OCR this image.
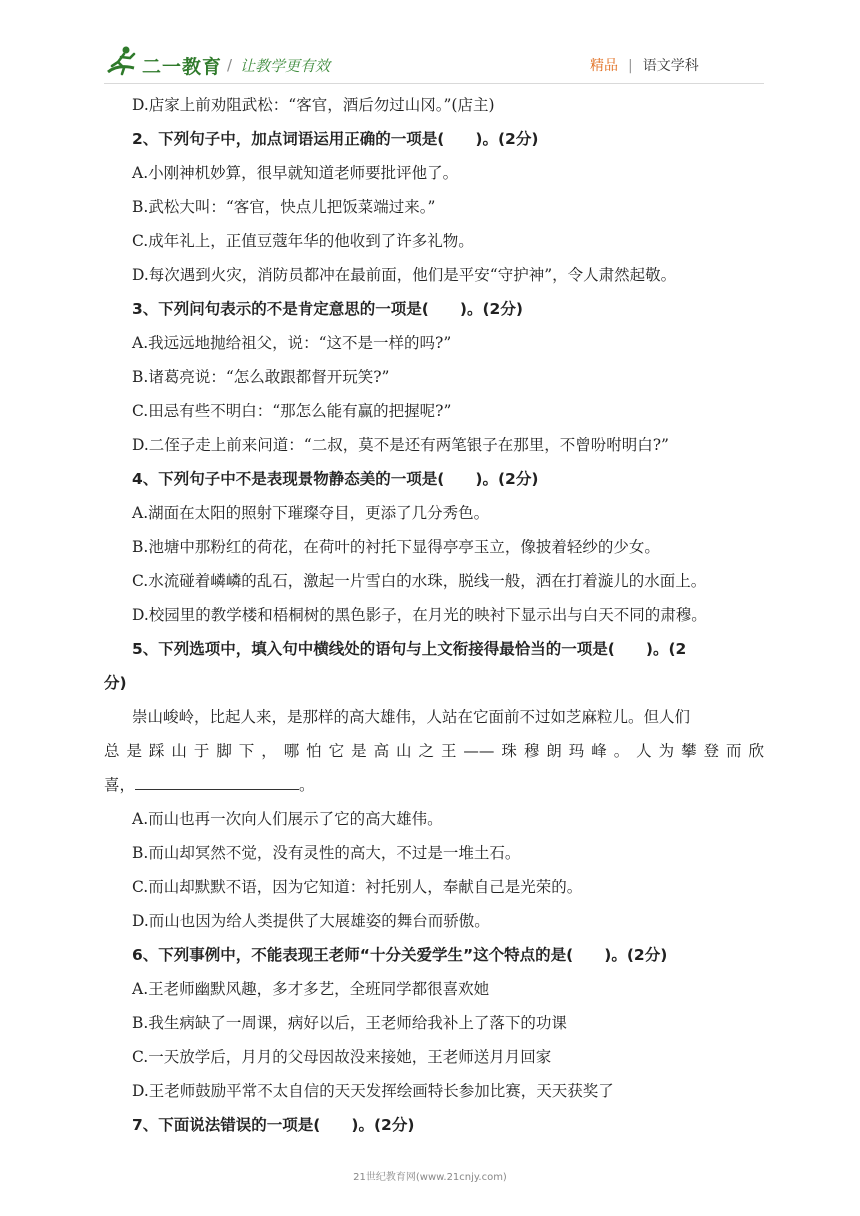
二一教育 / 让教学更有效	精品 | 语文学科
D.店家上前劝阻武松：“客官，酒后勿过山冈。”(店主)
2、下列句子中，加点词语运用正确的一项是(　　)。(2分)
A.小刚神机妙算，很早就知道老师要批评他了。
B.武松大叫：“客官，快点儿把饭菜端过来。”
C.成年礼上，正值豆蔻年华的他收到了许多礼物。
D.每次遇到火灾，消防员都冲在最前面，他们是平安“守护神”，令人肃然起敬。
3、下列问句表示的不是肯定意思的一项是(　　)。(2分)
A.我远远地抛给祖父，说：“这不是一样的吗?”
B.诸葛亮说：“怎么敢跟都督开玩笑?”
C.田忌有些不明白：“那怎么能有赢的把握呢?”
D.二侄子走上前来问道：“二叔，莫不是还有两笔银子在那里，不曾吩咐明白?”
4、下列句子中不是表现景物静态美的一项是(　　)。(2分)
A.湖面在太阳的照射下璀璨夺目，更添了几分秀色。
B.池塘中那粉红的荷花，在荷叶的衬托下显得亭亭玉立，像披着轻纱的少女。
C.水流碰着嶙嶙的乱石，激起一片雪白的水珠，脱线一般，洒在打着漩儿的水面上。
D.校园里的教学楼和梧桐树的黑色影子，在月光的映衬下显示出与白天不同的肃穆。
5、下列选项中，填入句中横线处的语句与上文衔接得最恰当的一项是(　　)。(2
分)
崇山峻岭，比起人来，是那样的高大雄伟，人站在它面前不过如芝麻粒儿。但人们
总是踩山于脚下，哪怕它是高山之王——珠穆朗玛峰。人为攀登而欣
喜，	。
A.而山也再一次向人们展示了它的高大雄伟。
B.而山却冥然不觉，没有灵性的高大，不过是一堆土石。
C.而山却默默不语，因为它知道：衬托别人，奉献自己是光荣的。
D.而山也因为给人类提供了大展雄姿的舞台而骄傲。
6、下列事例中，不能表现王老师“十分关爱学生”这个特点的是(　　)。(2分)
A.王老师幽默风趣，多才多艺，全班同学都很喜欢她
B.我生病缺了一周课，病好以后，王老师给我补上了落下的功课
C.一天放学后，月月的父母因故没来接她，王老师送月月回家
D.王老师鼓励平常不太自信的天天发挥绘画特长参加比赛，天天获奖了
7、下面说法错误的一项是(　　)。(2分)
21世纪教育网(www.21cnjy.com)
